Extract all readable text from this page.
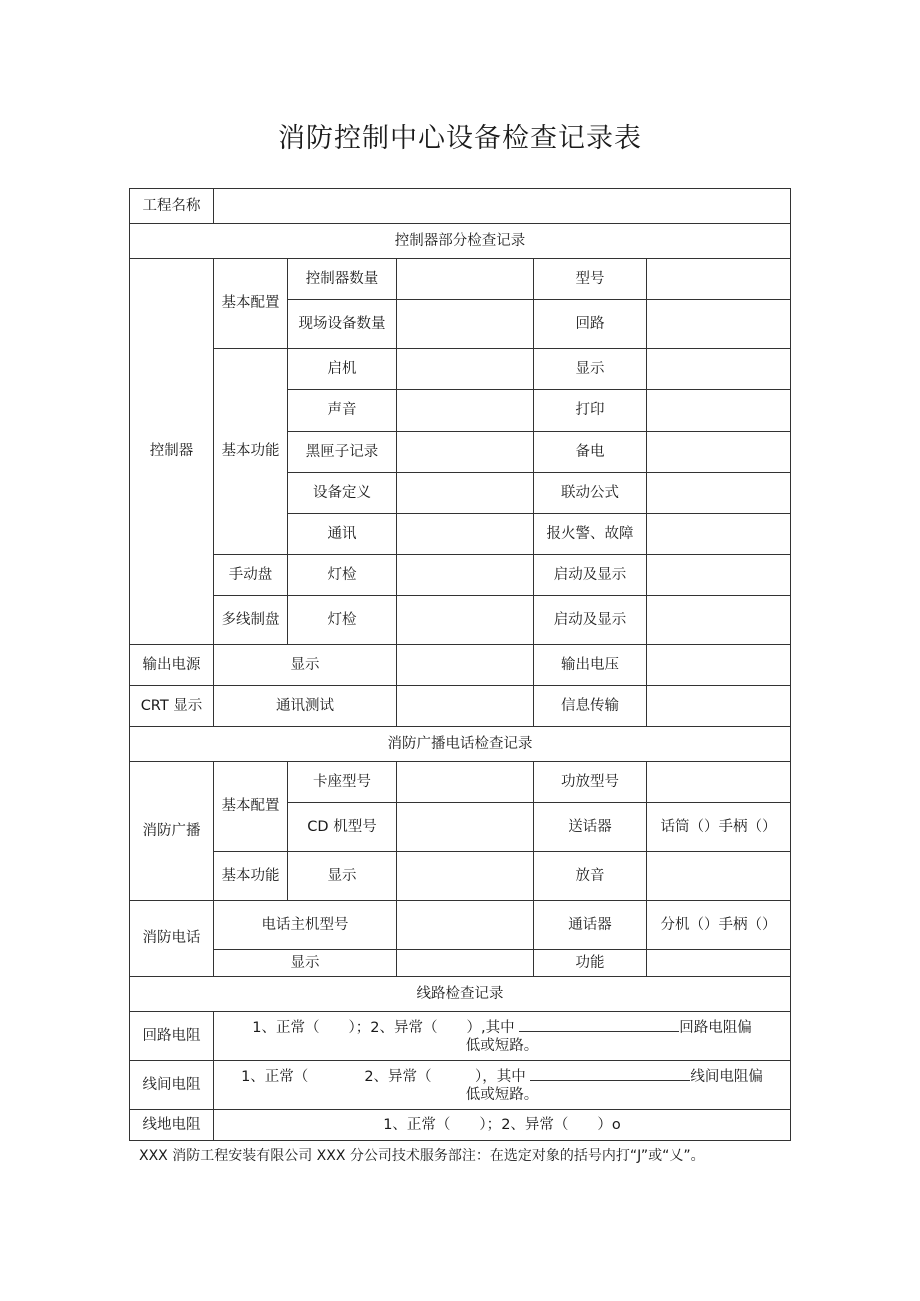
消防控制中心设备检查记录表
工程名称					
控制器部分检查记录					
控制器	基本配置	控制器数量		型号	
		现场设备数量		回路	
	基本功能	启机		显示	
		声音		打印	
		黑匣子记录		备电	
		设备定义		联动公式	
		通讯		报火警、故障	
	手动盘	灯检		启动及显示	
	多线制盘	灯检		启动及显示	
输出电源	显示			输出电压	
CRT 显示	通讯测试			信息传输	
消防广播电话检查记录					
消防广播	基本配置	卡座型号		功放型号	
		CD 机型号		送话器	话筒（）手柄（）
	基本功能	显示		放音	
消防电话	电话主机型号			通话器	分机（）手柄（）
	显示			功能	
线路检查记录					
回路电阻	1、正常（　　）；2、异常（　　）,其中 回路电阻偏
低或短路。				
线间电阻	1、正常（ 2、异常（　　　），其中 线间电阻偏
低或短路。				
线地电阻	1、正常（　　）；2、异常（　　）o				
XXX 消防工程安装有限公司 XXX 分公司技术服务部注：在选定对象的括号内打“J”或“乂”。
